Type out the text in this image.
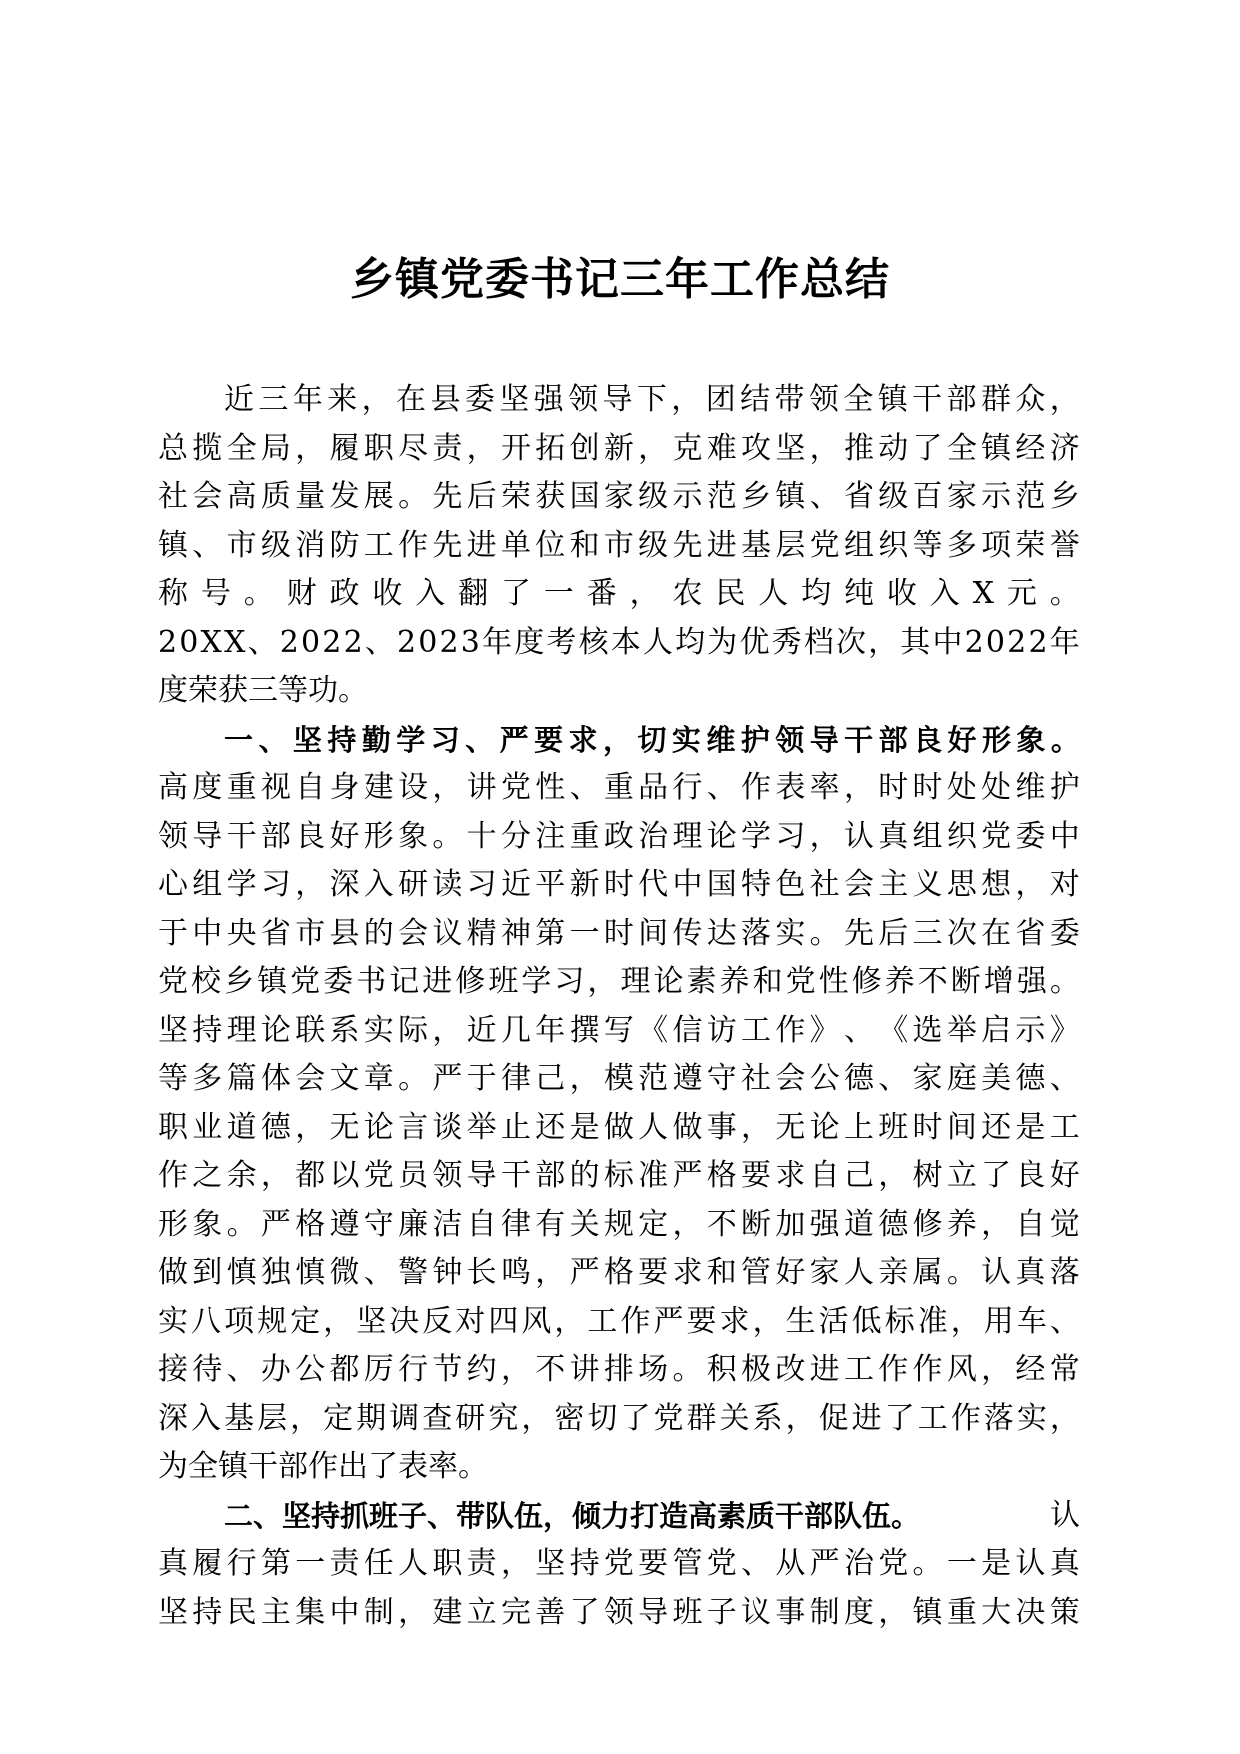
乡镇党委书记三年工作总结
近 三 年 来 ， 在 县 委 坚 强 领 导 下 ， 团 结 带 领 全 镇 干 部 群 众 ，
总 揽 全 局 ， 履 职 尽 责 ， 开 拓 创 新 ， 克 难 攻 坚 ， 推 动 了 全 镇 经 济
社 会 高 质 量 发 展 。 先 后 荣 获 国 家 级 示 范 乡 镇 、 省 级 百 家 示 范 乡
镇 、 市 级 消 防 工 作 先 进 单 位 和 市 级 先 进 基 层 党 组 织 等 多 项 荣 誉
称 号 。 财 政 收 入 翻 了 一 番 ， 农 民 人 均 纯 收 入 X 元 。
2 0 X X 、 2 0 2 2 、 2 0 2 3 年 度 考 核 本 人 均 为 优 秀 档 次 ， 其 中 2 0 2 2 年
度荣获三等功。
一 、 坚 持 勤 学 习 、 严 要 求 ， 切 实 维 护 领 导 干 部 良 好 形 象 。
高 度 重 视 自 身 建 设 ， 讲 党 性 、 重 品 行 、 作 表 率 ， 时 时 处 处 维 护
领 导 干 部 良 好 形 象 。 十 分 注 重 政 治 理 论 学 习 ， 认 真 组 织 党 委 中
心 组 学 习 ， 深 入 研 读 习 近 平 新 时 代 中 国 特 色 社 会 主 义 思 想 ， 对
于 中 央 省 市 县 的 会 议 精 神 第 一 时 间 传 达 落 实 。 先 后 三 次 在 省 委
党 校 乡 镇 党 委 书 记 进 修 班 学 习 ， 理 论 素 养 和 党 性 修 养 不 断 增 强 。
坚 持 理 论 联 系 实 际 ， 近 几 年 撰 写 《 信 访 工 作 》 、 《 选 举 启 示 》
等 多 篇 体 会 文 章 。 严 于 律 己 ， 模 范 遵 守 社 会 公 德 、 家 庭 美 德 、
职 业 道 德 ， 无 论 言 谈 举 止 还 是 做 人 做 事 ， 无 论 上 班 时 间 还 是 工
作 之 余 ， 都 以 党 员 领 导 干 部 的 标 准 严 格 要 求 自 己 ， 树 立 了 良 好
形 象 。 严 格 遵 守 廉 洁 自 律 有 关 规 定 ， 不 断 加 强 道 德 修 养 ， 自 觉
做 到 慎 独 慎 微 、 警 钟 长 鸣 ， 严 格 要 求 和 管 好 家 人 亲 属 。 认 真 落
实 八 项 规 定 ， 坚 决 反 对 四 风 ， 工 作 严 要 求 ， 生 活 低 标 准 ， 用 车 、
接 待 、 办 公 都 厉 行 节 约 ， 不 讲 排 场 。 积 极 改 进 工 作 作 风 ， 经 常
深 入 基 层 ， 定 期 调 查 研 究 ， 密 切 了 党 群 关 系 ， 促 进 了 工 作 落 实 ，
为全镇干部作出了表率。
二、坚持抓班子、带队伍，倾力打造高素质干部队伍。	认
真 履 行 第 一 责 任 人 职 责 ， 坚 持 党 要 管 党 、 从 严 治 党 。 一 是 认 真
坚 持 民 主 集 中 制 ， 建 立 完 善 了 领 导 班 子 议 事 制 度 ， 镇 重 大 决 策
